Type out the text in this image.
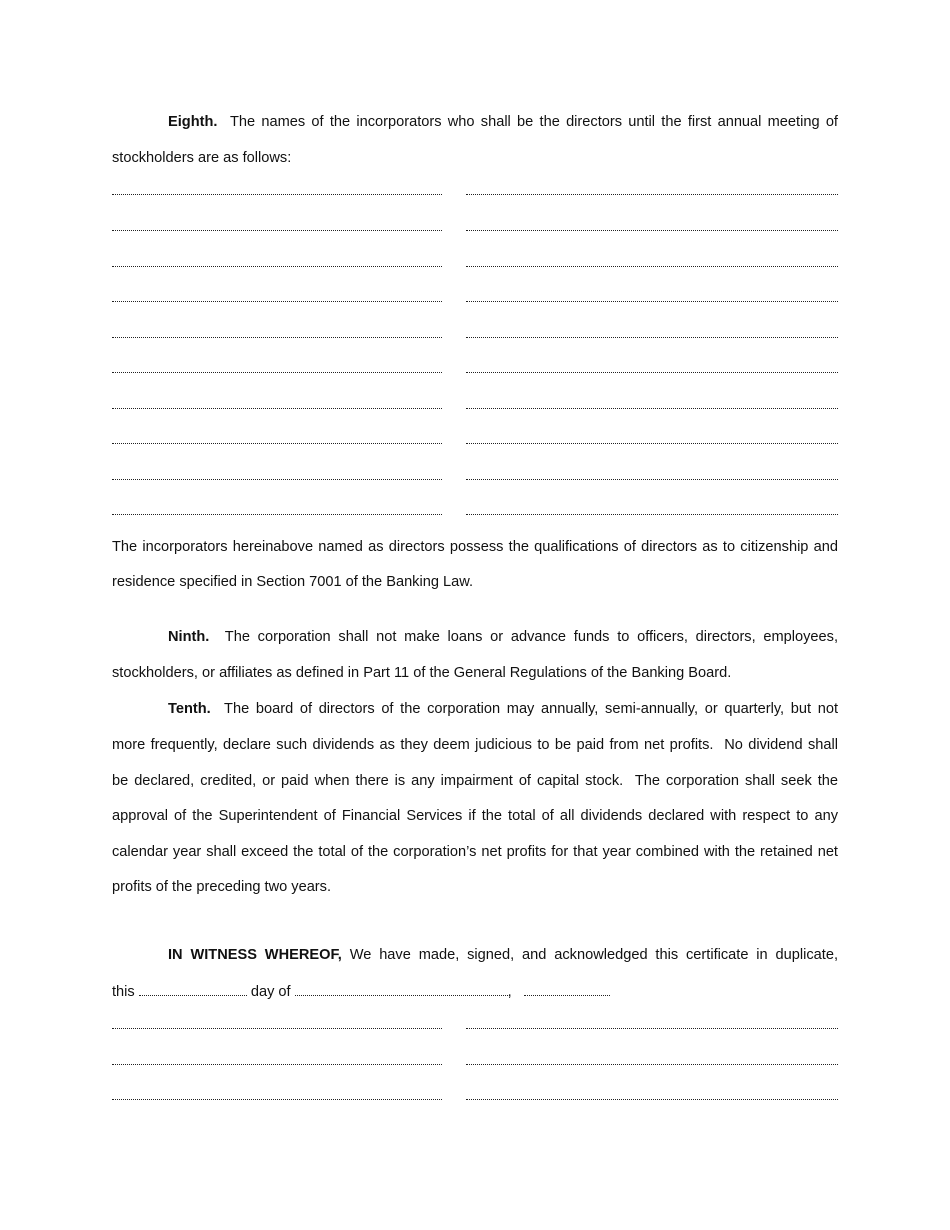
Eighth. The names of the incorporators who shall be the directors until the first annual meeting of
stockholders are as follows:
The incorporators hereinabove named as directors possess the qualifications of directors as to citizenship and
residence specified in Section 7001 of the Banking Law.
Ninth. The corporation shall not make loans or advance funds to officers, directors, employees,
stockholders, or affiliates as defined in Part 11 of the General Regulations of the Banking Board.
Tenth. The board of directors of the corporation may annually, semi-annually, or quarterly, but not
more frequently, declare such dividends as they deem judicious to be paid from net profits.  No dividend shall
be declared, credited, or paid when there is any impairment of capital stock.  The corporation shall seek the
approval of the Superintendent of Financial Services if the total of all dividends declared with respect to any
calendar year shall exceed the total of the corporation’s net profits for that year combined with the retained net
profits of the preceding two years.
IN WITNESS WHEREOF, We have made, signed, and acknowledged this certificate in duplicate,
this	day of	,
